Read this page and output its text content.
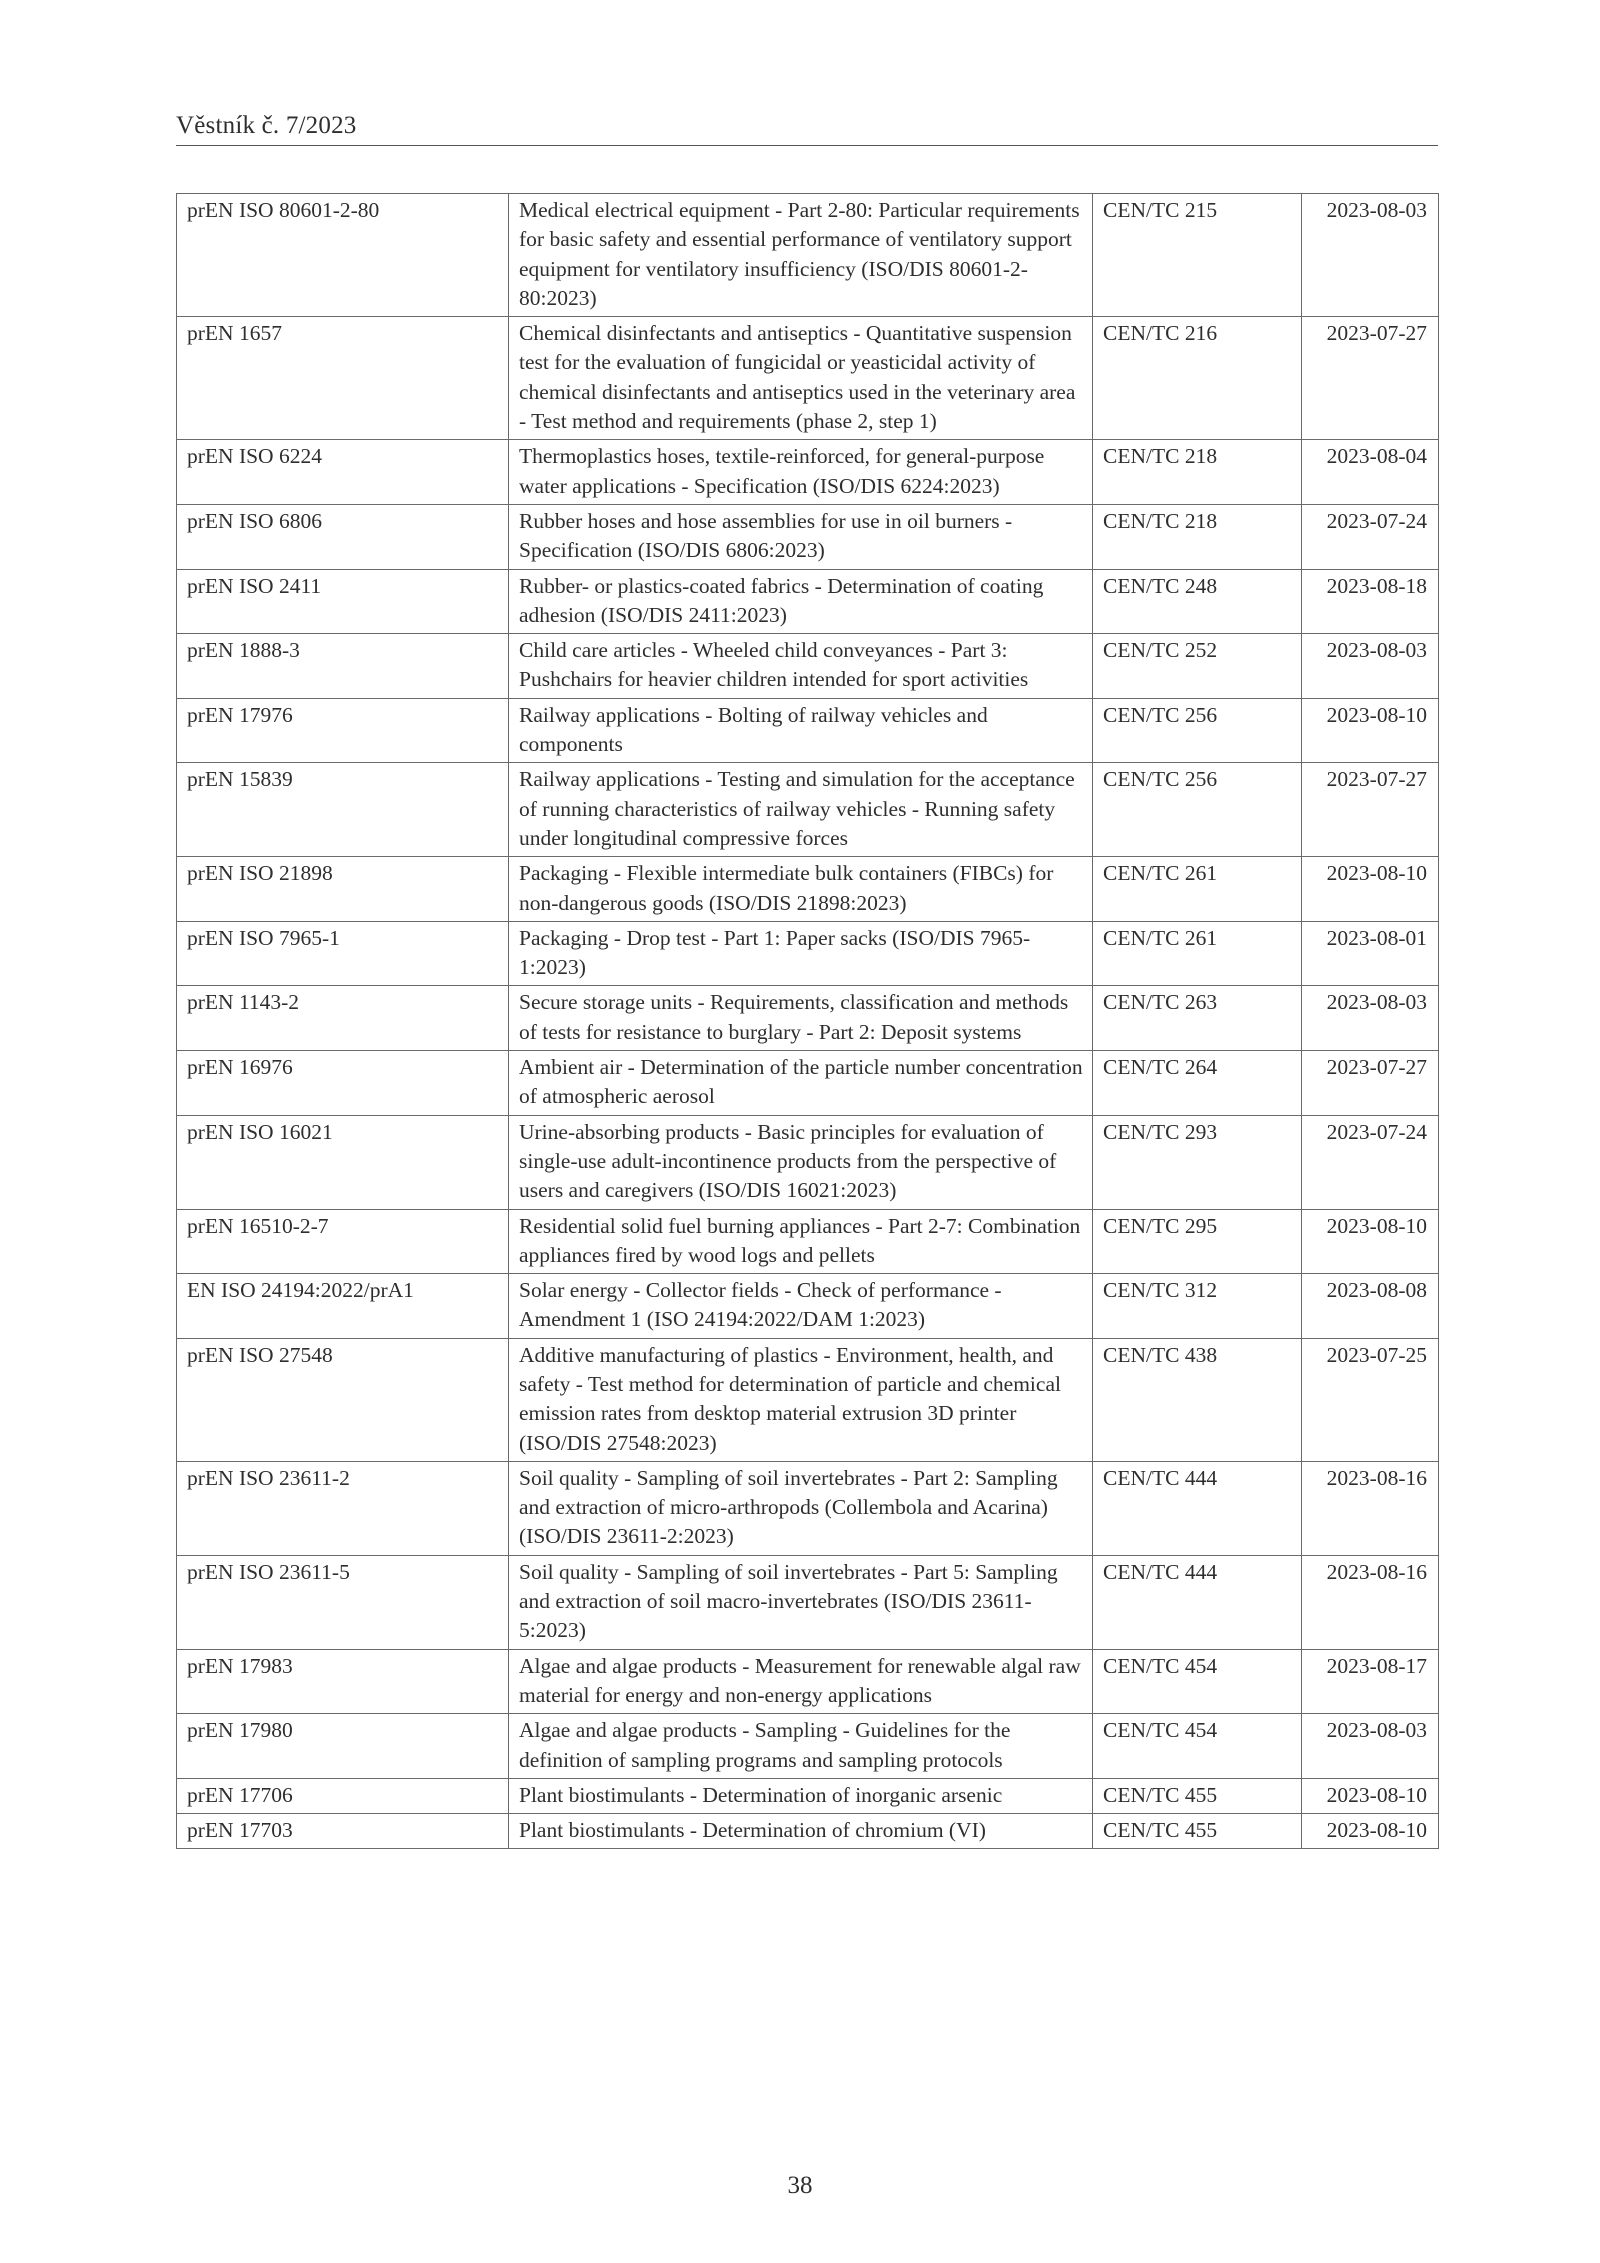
Věstník č. 7/2023
prEN ISO 80601-2-80	Medical electrical equipment - Part 2-80: Particular requirements for basic safety and essential performance of ventilatory support equipment for ventilatory insufficiency (ISO/DIS 80601-2-80:2023)	CEN/TC 215	2023-08-03
prEN 1657	Chemical disinfectants and antiseptics - Quantitative suspension test for the evaluation of fungicidal or yeasticidal activity of chemical disinfectants and antiseptics used in the veterinary area - Test method and requirements (phase 2, step 1)	CEN/TC 216	2023-07-27
prEN ISO 6224	Thermoplastics hoses, textile-reinforced, for general-purpose water applications - Specification (ISO/DIS 6224:2023)	CEN/TC 218	2023-08-04
prEN ISO 6806	Rubber hoses and hose assemblies for use in oil burners - Specification (ISO/DIS 6806:2023)	CEN/TC 218	2023-07-24
prEN ISO 2411	Rubber- or plastics-coated fabrics - Determination of coating adhesion (ISO/DIS 2411:2023)	CEN/TC 248	2023-08-18
prEN 1888-3	Child care articles - Wheeled child conveyances - Part 3: Pushchairs for heavier children intended for sport activities	CEN/TC 252	2023-08-03
prEN 17976	Railway applications - Bolting of railway vehicles and components	CEN/TC 256	2023-08-10
prEN 15839	Railway applications - Testing and simulation for the acceptance of running characteristics of railway vehicles - Running safety under longitudinal compressive forces	CEN/TC 256	2023-07-27
prEN ISO 21898	Packaging - Flexible intermediate bulk containers (FIBCs) for non-dangerous goods (ISO/DIS 21898:2023)	CEN/TC 261	2023-08-10
prEN ISO 7965-1	Packaging - Drop test - Part 1: Paper sacks (ISO/DIS 7965-1:2023)	CEN/TC 261	2023-08-01
prEN 1143-2	Secure storage units - Requirements, classification and methods of tests for resistance to burglary - Part 2: Deposit systems	CEN/TC 263	2023-08-03
prEN 16976	Ambient air - Determination of the particle number concentration of atmospheric aerosol	CEN/TC 264	2023-07-27
prEN ISO 16021	Urine-absorbing products - Basic principles for evaluation of single-use adult-incontinence products from the perspective of users and caregivers (ISO/DIS 16021:2023)	CEN/TC 293	2023-07-24
prEN 16510-2-7	Residential solid fuel burning appliances - Part 2-7: Combination appliances fired by wood logs and pellets	CEN/TC 295	2023-08-10
EN ISO 24194:2022/prA1	Solar energy - Collector fields - Check of performance - Amendment 1 (ISO 24194:2022/DAM 1:2023)	CEN/TC 312	2023-08-08
prEN ISO 27548	Additive manufacturing of plastics - Environment, health, and safety - Test method for determination of particle and chemical emission rates from desktop material extrusion 3D printer (ISO/DIS 27548:2023)	CEN/TC 438	2023-07-25
prEN ISO 23611-2	Soil quality - Sampling of soil invertebrates - Part 2: Sampling and extraction of micro-arthropods (Collembola and Acarina) (ISO/DIS 23611-2:2023)	CEN/TC 444	2023-08-16
prEN ISO 23611-5	Soil quality - Sampling of soil invertebrates - Part 5: Sampling and extraction of soil macro-invertebrates (ISO/DIS 23611-5:2023)	CEN/TC 444	2023-08-16
prEN 17983	Algae and algae products - Measurement for renewable algal raw material for energy and non-energy applications	CEN/TC 454	2023-08-17
prEN 17980	Algae and algae products - Sampling - Guidelines for the definition of sampling programs and sampling protocols	CEN/TC 454	2023-08-03
prEN 17706	Plant biostimulants - Determination of inorganic arsenic	CEN/TC 455	2023-08-10
prEN 17703	Plant biostimulants - Determination of chromium (VI)	CEN/TC 455	2023-08-10
38
